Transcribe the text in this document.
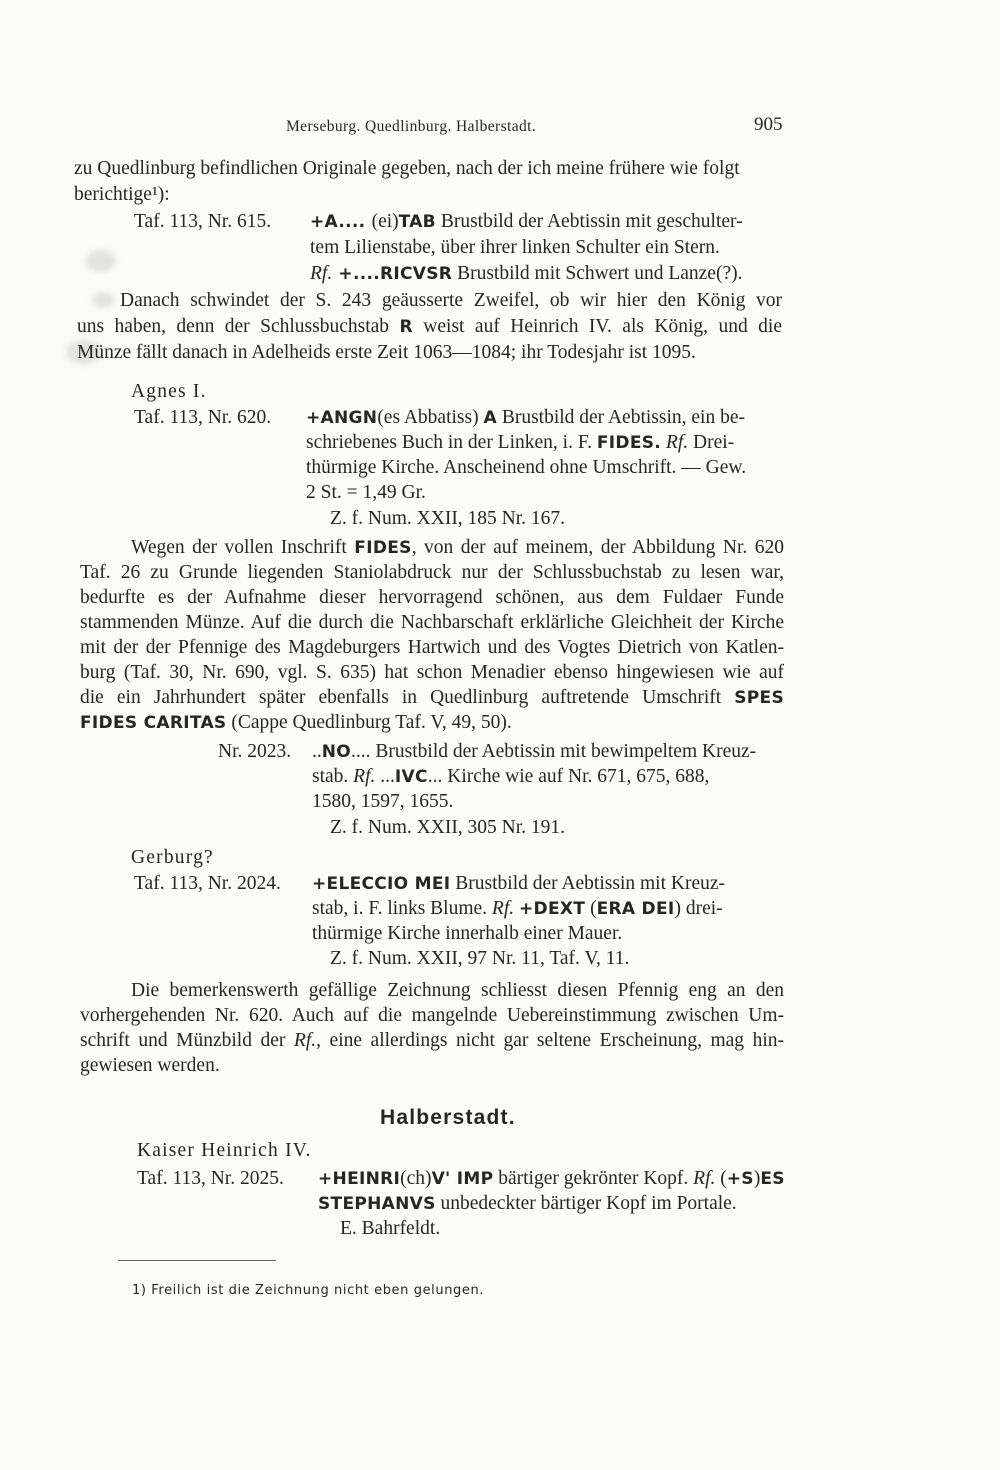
Merseburg. Quedlinburg. Halberstadt.	905
zu Quedlinburg befindlichen Originale gegeben, nach der ich meine frühere wie folgt
berichtige¹):
Taf. 113, Nr. 615. +A.... (ei)TAB Brustbild der Aebtissin mit geschulter-
tem Lilienstabe, über ihrer linken Schulter ein Stern.
Rf. +....RICVSR Brustbild mit Schwert und Lanze(?).
Danach schwindet der S. 243 geäusserte Zweifel, ob wir hier den König vor
uns haben, denn der Schlussbuchstab R weist auf Heinrich IV. als König, und die
Münze fällt danach in Adelheids erste Zeit 1063—1084; ihr Todesjahr ist 1095.
Agnes I.
Taf. 113, Nr. 620. +ANGN(es Abbatiss) A Brustbild der Aebtissin, ein be-
schriebenes Buch in der Linken, i. F. FIDES. Rf. Drei-
thürmige Kirche. Anscheinend ohne Umschrift. — Gew.
2 St. = 1,49 Gr.
Z. f. Num. XXII, 185 Nr. 167.
Wegen der vollen Inschrift FIDES, von der auf meinem, der Abbildung Nr. 620
Taf. 26 zu Grunde liegenden Staniolabdruck nur der Schlussbuchstab zu lesen war,
bedurfte es der Aufnahme dieser hervorragend schönen, aus dem Fuldaer Funde
stammenden Münze. Auf die durch die Nachbarschaft erklärliche Gleichheit der Kirche
mit der der Pfennige des Magdeburgers Hartwich und des Vogtes Dietrich von Katlen-
burg (Taf. 30, Nr. 690, vgl. S. 635) hat schon Menadier ebenso hingewiesen wie auf
die ein Jahrhundert später ebenfalls in Quedlinburg auftretende Umschrift SPES
FIDES CARITAS (Cappe Quedlinburg Taf. V, 49, 50).
Nr. 2023. ..NO.... Brustbild der Aebtissin mit bewimpeltem Kreuz-
stab. Rf. ...IVC... Kirche wie auf Nr. 671, 675, 688,
1580, 1597, 1655.
Z. f. Num. XXII, 305 Nr. 191.
Gerburg?
Taf. 113, Nr. 2024. +ELECCIO MEI Brustbild der Aebtissin mit Kreuz-
stab, i. F. links Blume. Rf. +DEXT (ERA DEI) drei-
thürmige Kirche innerhalb einer Mauer.
Z. f. Num. XXII, 97 Nr. 11, Taf. V, 11.
Die bemerkenswerth gefällige Zeichnung schliesst diesen Pfennig eng an den
vorhergehenden Nr. 620. Auch auf die mangelnde Uebereinstimmung zwischen Um-
schrift und Münzbild der Rf., eine allerdings nicht gar seltene Erscheinung, mag hin-
gewiesen werden.
Halberstadt.
Kaiser Heinrich IV.
Taf. 113, Nr. 2025. +HEINRI(ch)V' IMP bärtiger gekrönter Kopf. Rf. (+S)ES
STEPHANVS unbedeckter bärtiger Kopf im Portale.
E. Bahrfeldt.
1) Freilich ist die Zeichnung nicht eben gelungen.
